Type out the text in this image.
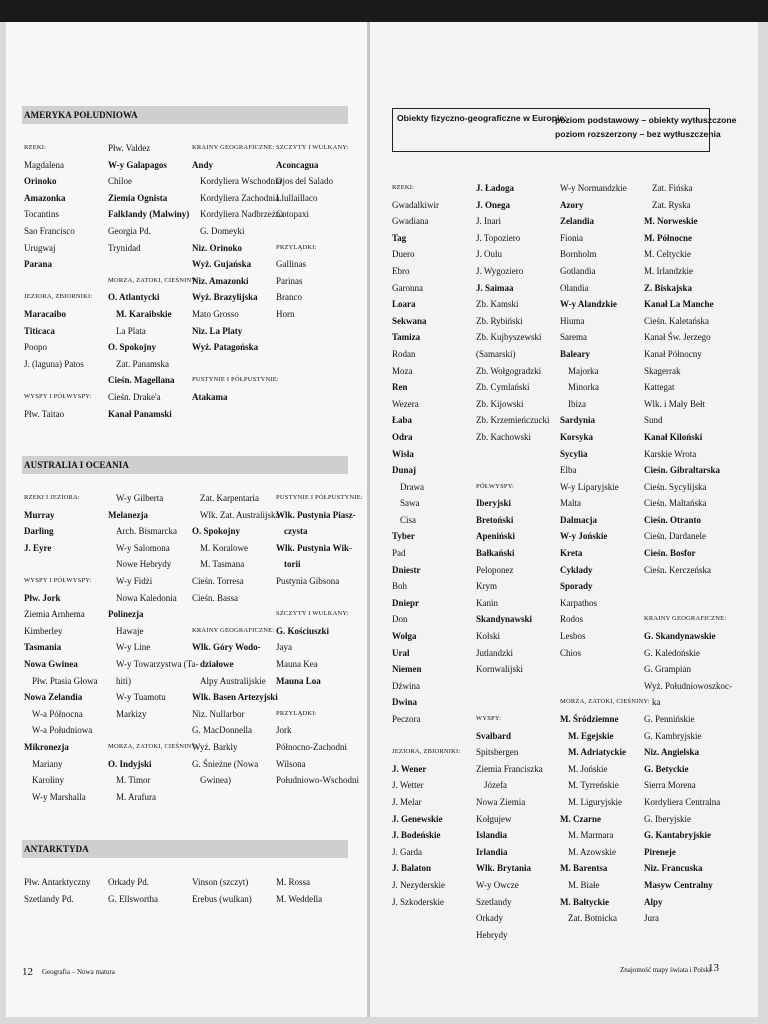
AMERYKA POŁUDNIOWA
RZEKI:
Magdalena
Orinoko
Amazonka
Tocantins
Sao Francisco
Urugwaj
Parana

JEZIORA, ZBIORNIKI:
Maracaibo
Titicaca
Poopo
J. (laguna) Patos

WYSPY I PÓŁWYSPY:
Płw. Taitao
Płw. Valdez
W-y Galapagos
Chiloe
Ziemia Ognista
Falklandy (Malwiny)
Georgia Pd.
Trynidad

MORZA, ZATOKI, CIEŚNINY:
O. Atlantycki
M. Karaibskie
La Plata
O. Spokojny
Zat. Panamska
Cieśn. Magellana
Cieśn. Drake'a
Kanał Panamski
KRAINY GEOGRAFICZNE:
Andy
Kordyliera Wschodnia
Kordyliera Zachodnia
Kordyliera Nadbrzeżna
G. Domeyki
Niz. Orinoko
Wyż. Gujańska
Niz. Amazonki
Wyż. Brazylijska
Mato Grosso
Niz. La Platy
Wyż. Patagońska

PUSTYNIE I PÓŁPUSTYNIE:
Atakama
SZCZYTY I WULKANY:
Aconcagua
Ojos del Salado
Llullaillaco
Cotopaxi

PRZYLĄDKI:
Gallinas
Parinas
Branco
Horn
AUSTRALIA I OCEANIA
RZEKI I JEZIORA:
Murray
Darling
J. Eyre

WYSPY I PÓŁWYSPY:
Płw. Jork
Ziemia Arnhema
Kimberley
Tasmania
Nowa Gwinea
Płw. Ptasia Głowa
Nowa Zelandia
W-a Północna
W-a Południowa
Mikronezja
Mariany
Karoliny
W-y Marshalla
W-y Gilberta
Melanezja
Arch. Bismarcka
W-y Salomona
Nowe Hebrydy
W-y Fidżi
Nowa Kaledonia
Polinezja
Hawaje
W-y Line
W-y Towarzystwa (Ta-
hiti)
W-y Tuamotu
Markizy

MORZA, ZATOKI, CIEŚNINY:
O. Indyjski
M. Timor
M. Arafura
Zat. Karpentaria
Wlk. Zat. Australijska
O. Spokojny
M. Koralowe
M. Tasmana
Cieśn. Torresa
Cieśn. Bassa

KRAINY GEOGRAFICZNE:
Wlk. Góry Wodo-
działowe
Alpy Australijskie
Wlk. Basen Artezyjski
Niz. Nullarbor
G. MacDonnella
Wyż. Barkly
G. Śnieżne (Nowa
Gwinea)
PUSTYNIE I PÓŁPUSTYNIE:
Wlk. Pustynia Piasz-
czysta
Wlk. Pustynia Wik-
torii
Pustynia Gibsona

SZCZYTY I WULKANY:
G. Kościuszki
Jaya
Mauna Kea
Mauna Loa

PRZYLĄDKI:
Jork
Północno-Zachodni
Wilsona
Południowo-Wschodni
ANTARKTYDA
Płw. Antarktyczny
Szetlandy Pd.
Orkady Pd.
G. Ellswortha
Vinson (szczyt)
Erebus (wulkan)
M. Rossa
M. Weddella
12 Geografia – Nowa matura
Obiekty fizyczno-geograficzne w Europie:
poziom podstawowy – obiekty wytłuszczone
poziom rozszerzony – bez wytłuszczenia
RZEKI:
Gwadalkiwir
Gwadiana
Tag
Duero
Ebro
Garonna
Loara
Sekwana
Tamiza
Rodan
Moza
Ren
Wezera
Łaba
Odra
Wisła
Dunaj
Drawa
Sawa
Cisa
Tyber
Pad
Dniestr
Boh
Dniepr
Don
Wołga
Ural
Niemen
Dźwina
Dwina
Peczora

JEZIORA, ZBIORNIKI:
J. Wener
J. Wetter
J. Melar
J. Genewskie
J. Bodeńskie
J. Garda
J. Balaton
J. Nezyderskie
J. Szkoderskie
J. Ładoga
J. Onega
J. Inari
J. Topoziero
J. Oulu
J. Wygoziero
J. Saimaa
Zb. Kamski
Zb. Rybiński
Zb. Kujbyszewski
(Samarski)
Zb. Wołgogradzki
Zb. Cymlański
Zb. Kijowski
Zb. Krzemieńczucki
Zb. Kachowski

PÓŁWYSPY:
Iberyjski
Bretoński
Apeniński
Bałkański
Peloponez
Krym
Kanin
Skandynawski
Kolski
Jutlandzki
Kornwalijski

WYSPY:
Svalbard
Spitsbergen
Ziemia Franciszka
Józefa
Nowa Ziemia
Kołgujew
Islandia
Irlandia
Wlk. Brytania
W-y Owcze
Szetlandy
Orkady
Hebrydy
W-y Normandzkie
Azory
Zelandia
Fionia
Bornholm
Gotlandia
Olandia
W-y Alandzkie
Hiuma
Sarema
Baleary
Majorka
Minorka
Ibiza
Sardynia
Korsyka
Sycylia
Elba
W-y Liparyjskie
Malta
Dalmacja
W-y Jońskie
Kreta
Cyklady
Sporady
Karpathos
Rodos
Lesbos
Chios

MORZA, ZATOKI, CIEŚNINY:
M. Śródziemne
M. Egejskie
M. Adriatyckie
M. Jońskie
M. Tyrreńskie
M. Liguryjskie
M. Czarne
M. Marmara
M. Azowskie
M. Barentsa
M. Białe
M. Bałtyckie
Zat. Botnicka
Zat. Fińska
Zat. Ryska
M. Norweskie
M. Północne
M. Celtyckie
M. Irlandzkie
Z. Biskajska
Kanał La Manche
Cieśn. Kaletańska
Kanał Św. Jerzego
Kanał Północny
Skagerrak
Kattegat
Wlk. i Mały Bełt
Sund
Kanał Kiloński
Karskie Wrota
Cieśn. Gibraltarska
Cieśn. Sycylijska
Cieśn. Maltańska
Cieśn. Otranto
Cieśn. Dardanele
Cieśn. Bosfor
Cieśn. Kerczeńska

KRAINY GEOGRAFICZNE:
G. Skandynawskie
G. Kaledońskie
G. Grampian
Wyż. Południowoszkoc-
ka
G. Pennińskie
G. Kambryjskie
Niz. Angielska
G. Betyckie
Sierra Morena
Kordyliera Centralna
G. Iberyjskie
G. Kantabryjskie
Pireneje
Niz. Francuska
Masyw Centralny
Alpy
Jura
Znajomość mapy świata i Polski
13
